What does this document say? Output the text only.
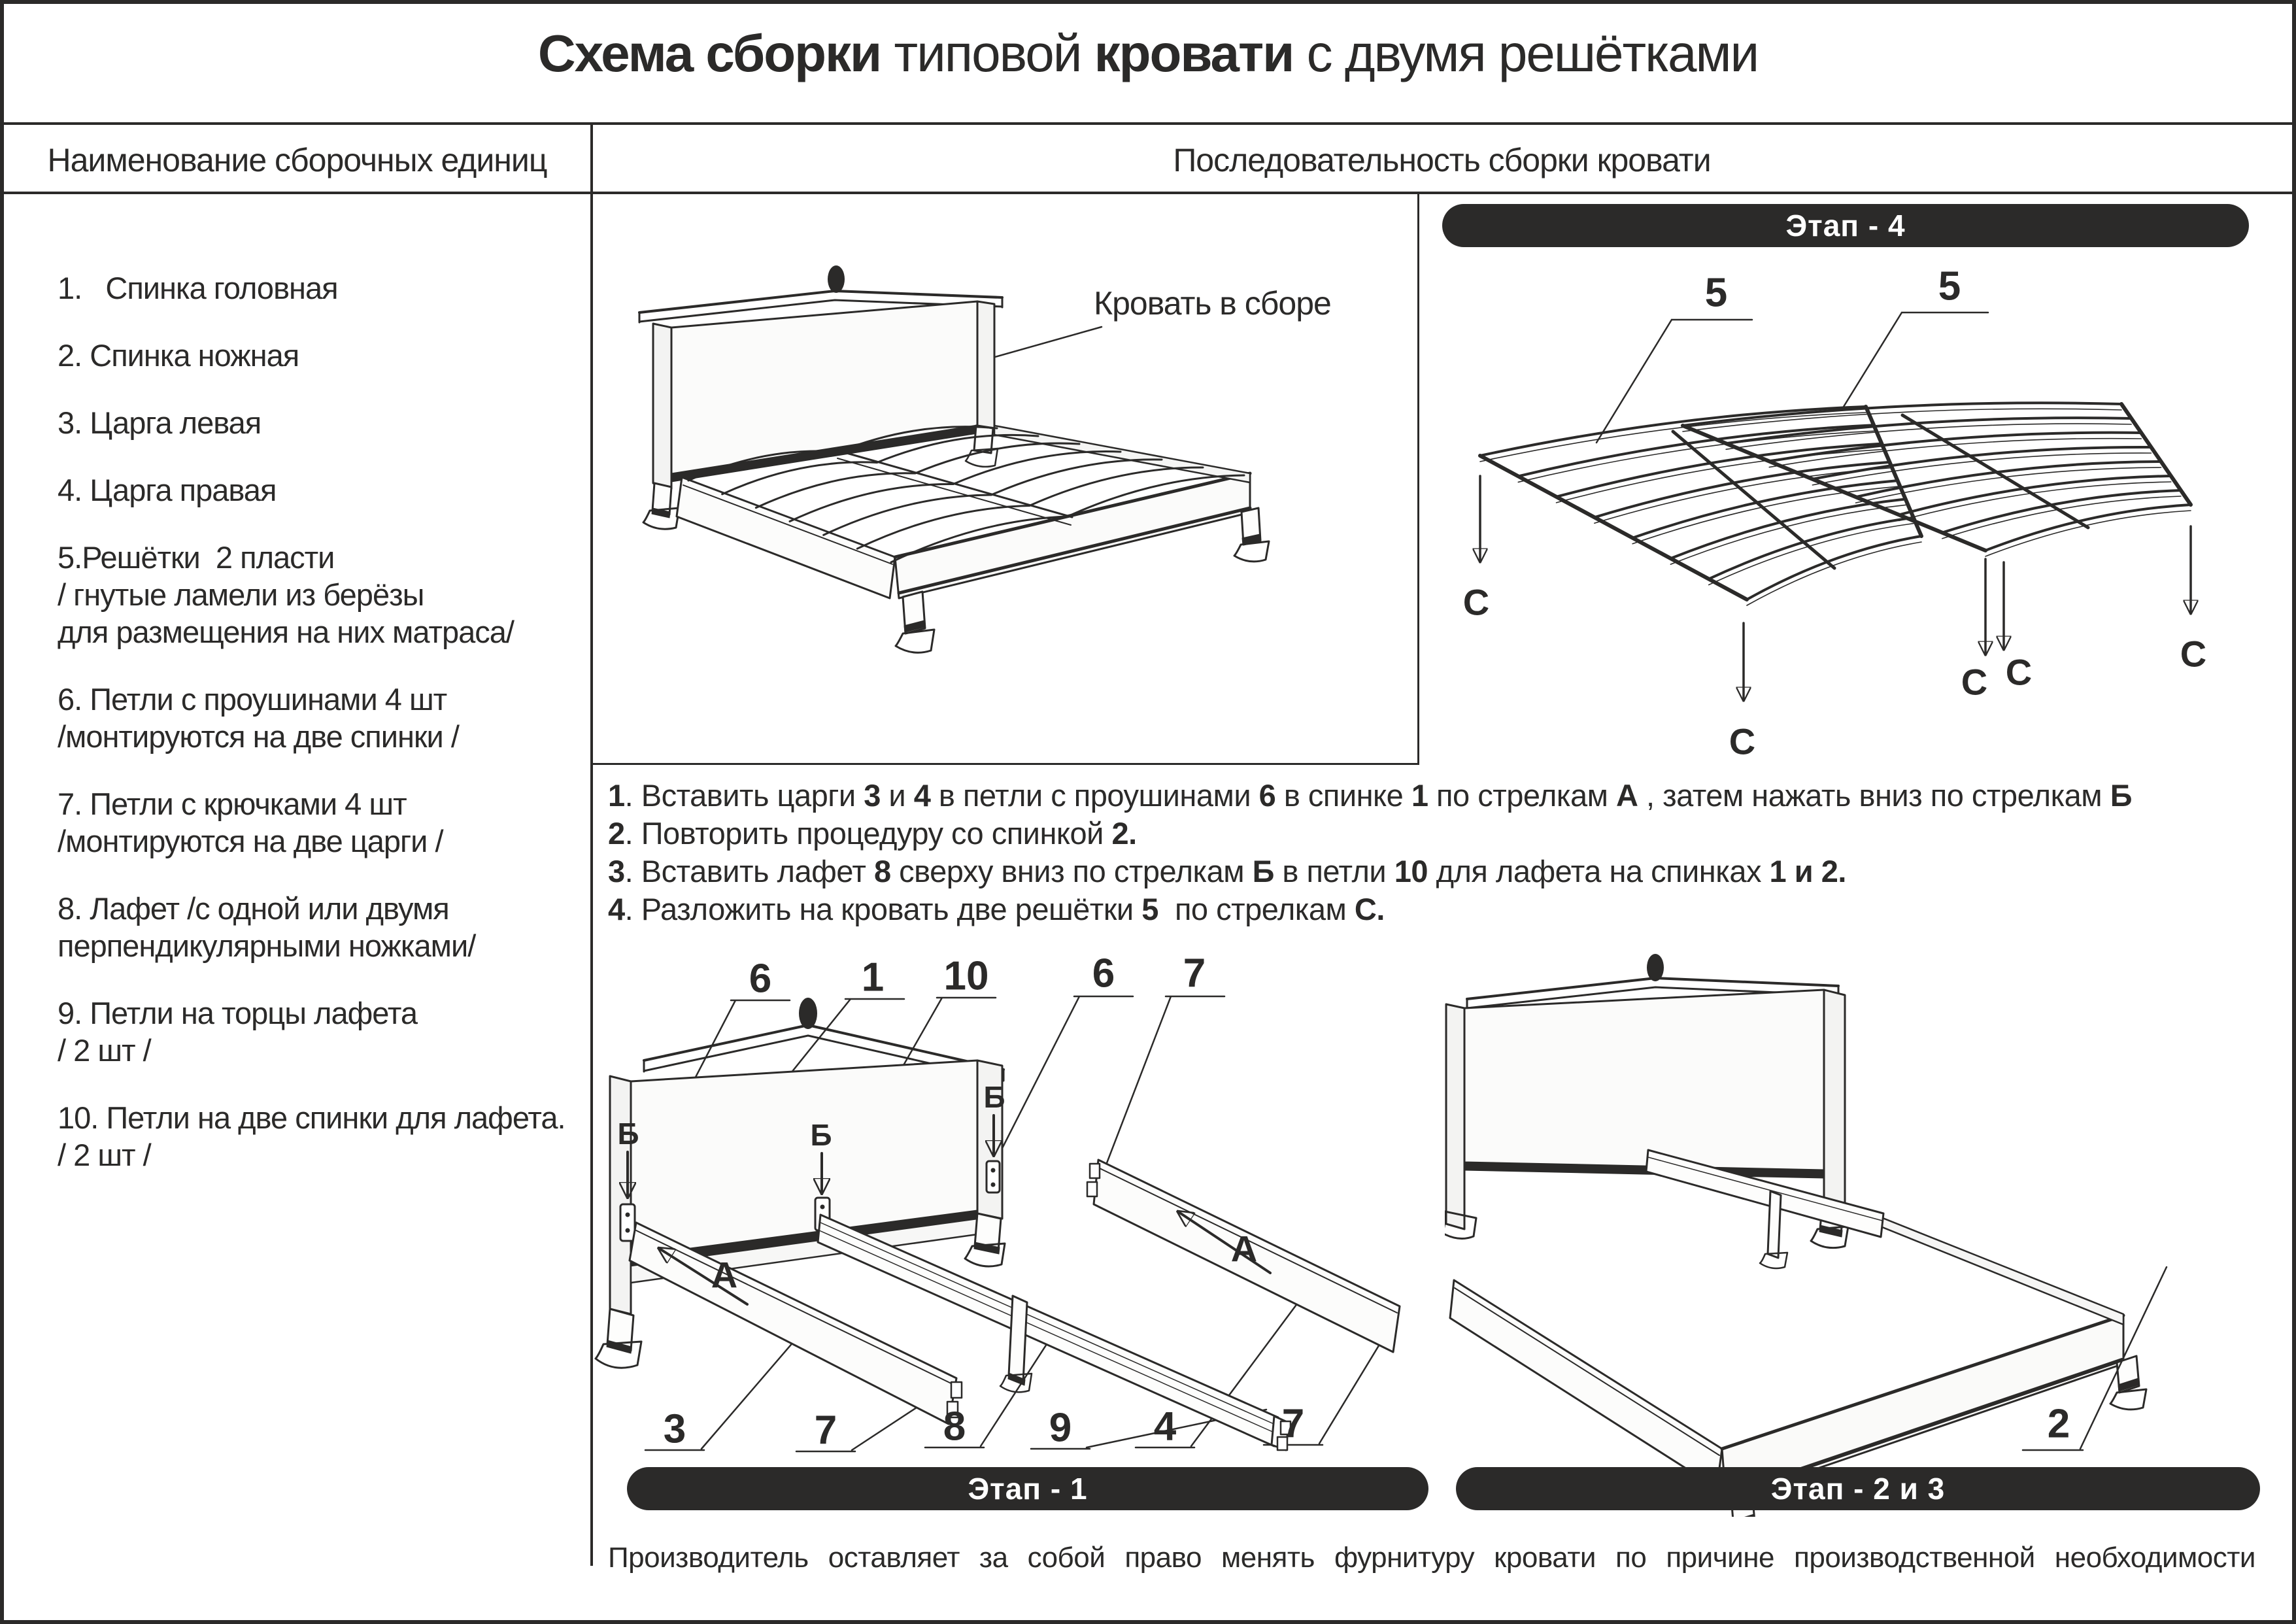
Схема сборки типовой кровати с двумя решётками
Наименование сборочных единиц	Последовательность сборки кровати
1.   Спинка головная
2. Спинка ножная
3. Царга левая
4. Царга правая
5.Решётки  2 пласти
/ гнутые ламели из берёзы
для размещения на них матраса/
6. Петли с проушинами 4 шт
/монтируются на две спинки /
7. Петли с крючками 4 шт
/монтируются на две царги /
8. Лафет /с одной или двумя
перпендикулярными ножками/
9. Петли на торцы лафета
/ 2 шт /
10. Петли на две спинки для лафета.
/ 2 шт /
Кровать в сборе
Этап - 4
1. Вставить царги 3 и 4 в петли с проушинами 6 в спинке 1 по стрелкам А , затем нажать вниз по стрелкам Б
2. Повторить процедуру со спинкой 2.
3. Вставить лафет 8 сверху вниз по стрелкам Б в петли 10 для лафета на спинках 1 и 2.
4. Разложить на кровать две решётки 5  по стрелкам С.
Этап - 1	Этап - 2 и 3
5	5
С
С
С С	С
6 1 10	6 7
3	7	8 9 4	7
Б	Б
Б
А
А
2
Производитель оставляет за собой право менять фурнитуру кровати по причине производственной необходимости
